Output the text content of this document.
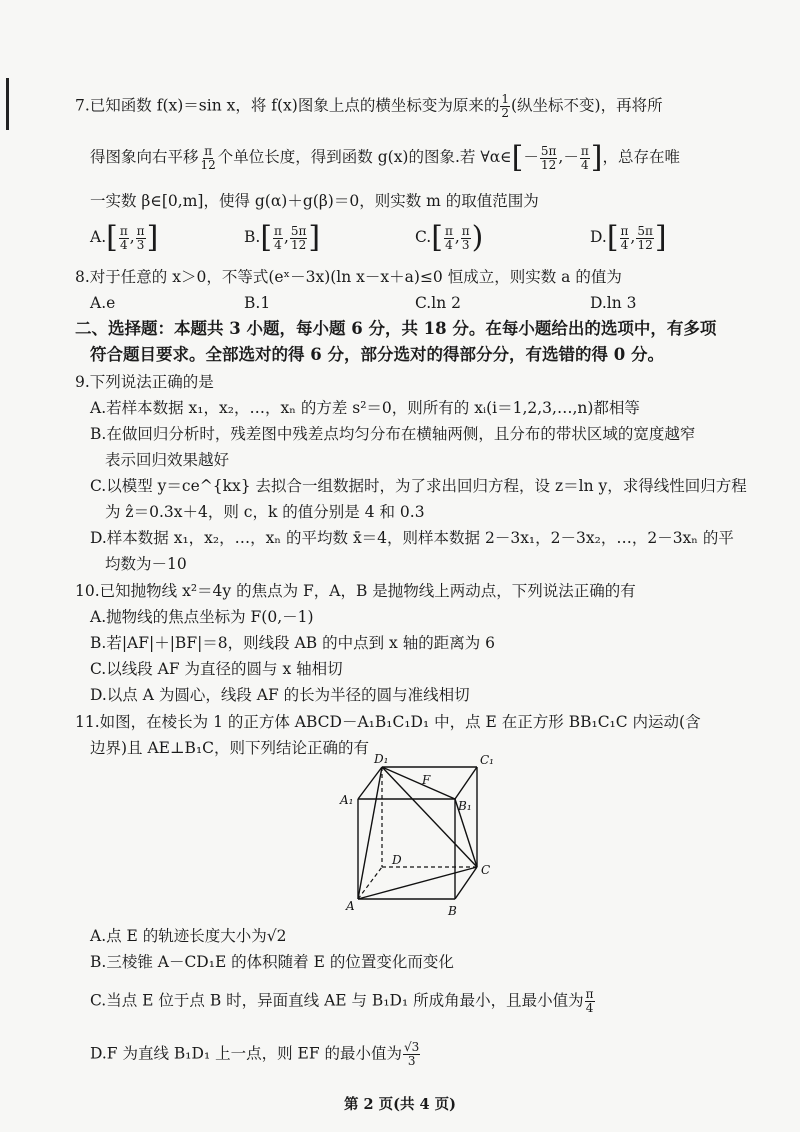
7.已知函数 f(x)＝sin x，将 f(x)图象上点的横坐标变为原来的 $\frac{1}{2}$ (纵坐标不变)，再将所
得图象向右平移 $\frac{\pi}{12}$ 个单位长度，得到函数 g(x)的图象.若 ∀α∈[－ $\frac{5\pi}{12}$ ,－ $\frac{\pi}{4}$ ]，总存在唯
一实数 β∈[0,m]，使得 g(α)＋g(β)＝0，则实数 m 的取值范围为
$A.[ \frac{\pi}{4}$ , $\frac{\pi}{3}$ ]	$B.[ \frac{\pi}{4}$ , $\frac{5\pi}{12}$ ]	$C.[ \frac{\pi}{4}$ , $\frac{\pi}{3}$ )	$D.[ \frac{\pi}{4}$ , $\frac{5\pi}{12}$ ]
8.对于任意的 x＞0，不等式(eˣ－3x)(ln x－x＋a)≤0 恒成立，则实数 a 的值为
A.e	B.1	C.ln 2	D.ln 3
二、选择题：本题共 3 小题，每小题 6 分，共 18 分。在每小题给出的选项中，有多项
符合题目要求。全部选对的得 6 分，部分选对的得部分分，有选错的得 0 分。
9.下列说法正确的是
A.若样本数据 x₁，x₂，…，xₙ 的方差 s²＝0，则所有的 xᵢ(i＝1,2,3,…,n)都相等
B.在做回归分析时，残差图中残差点均匀分布在横轴两侧，且分布的带状区域的宽度越窄
表示回归效果越好
C.以模型 y＝ce^{kx} 去拟合一组数据时，为了求出回归方程，设 z＝ln y，求得线性回归方程
为 ẑ＝0.3x＋4，则 c，k 的值分别是 4 和 0.3
D.样本数据 x₁，x₂，…，xₙ 的平均数 x̄＝4，则样本数据 2－3x₁，2－3x₂，…，2－3xₙ 的平
均数为－10
10.已知抛物线 x²＝4y 的焦点为 F，A，B 是抛物线上两动点，下列说法正确的有
A.抛物线的焦点坐标为 F(0,－1)
B.若|AF|＋|BF|＝8，则线段 AB 的中点到 x 轴的距离为 6
C.以线段 AF 为直径的圆与 x 轴相切
D.以点 A 为圆心，线段 AF 的长为半径的圆与准线相切
11.如图，在棱长为 1 的正方体 ABCD－A₁B₁C₁D₁ 中，点 E 在正方形 BB₁C₁C 内运动(含
边界)且 AE⊥B₁C，则下列结论正确的有
D₁	C₁
A₁	B₁
F
D
C
A	B
A.点 E 的轨迹长度大小为√2
B.三棱锥 A－CD₁E 的体积随着 E 的位置变化而变化
C.当点 E 位于点 B 时，异面直线 AE 与 B₁D₁ 所成角最小，且最小值为 $\frac{\pi}{4}$
D.F 为直线 B₁D₁ 上一点，则 EF 的最小值为 $\frac{√3}{3}$
第 2 页(共 4 页)
